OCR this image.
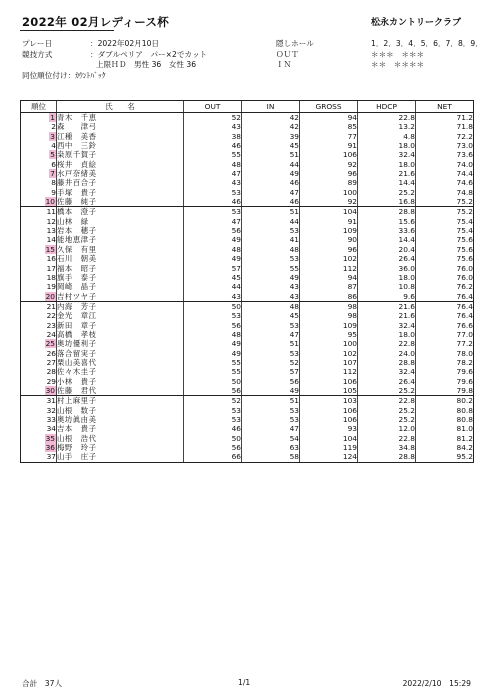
2022年 02月レディース杯	松永カントリークラブ
プレー日	：2022年02月10日
競技方式	：ダブルペリア　パー×2でカット
上限ＨＤ　男性 36　女性 36
同位順位付け ：ｶｳﾝﾄﾊﾞｯｸ
隠しホール	1．2．3．4．5．6．7．8．9．
ＯＵＴ	＊＊＊　＊＊＊
ＩＮ	＊＊　＊＊＊＊
順位	氏　　名	OUT	IN	GROSS	HDCP	NET
1	青木　千恵	52	42	94	22.8	71.2
2	森　　津弓	43	42	85	13.2	71.8
3	江種　美香	38	39	77	4.8	72.2
4	西中　三鈴	46	45	91	18.0	73.0
5	桒原千賀子	55	51	106	32.4	73.6
6	桜井　貞絵	48	44	92	18.0	74.0
7	水戸奈緒美	47	49	96	21.6	74.4
8	藤井百合子	43	46	89	14.4	74.6
9	手塚　貴子	53	47	100	25.2	74.8
10	佐藤　純子	46	46	92	16.8	75.2
11	橋本　澄子	53	51	104	28.8	75.2
12	山林　緑	47	44	91	15.6	75.4
13	岩本　穂子	56	53	109	33.6	75.4
14	能地恵津子	49	41	90	14.4	75.6
15	久保　有里	48	48	96	20.4	75.6
16	石川　朝美	49	53	102	26.4	75.6
17	福本　昭子	57	55	112	36.0	76.0
18	旗手　泰子	45	49	94	18.0	76.0
19	岡崎　晶子	44	43	87	10.8	76.2
20	吉村ツヤ子	43	43	86	9.6	76.4
21	内海　芳子	50	48	98	21.6	76.4
22	金光　章江	53	45	98	21.6	76.4
23	新田　章子	56	53	109	32.4	76.6
24	高橋　孝枝	48	47	95	18.0	77.0
25	奥坊優利子	49	51	100	22.8	77.2
26	落合留実子	49	53	102	24.0	78.0
27	栗山美喜代	55	52	107	28.8	78.2
28	佐々木圭子	55	57	112	32.4	79.6
29	小林　貴子	50	56	106	26.4	79.6
30	佐藤　君代	56	49	105	25.2	79.8
31	村上麻里子	52	51	103	22.8	80.2
32	山根　数子	53	53	106	25.2	80.8
33	奥坊眞由美	53	53	106	25.2	80.8
34	吉本　貴子	46	47	93	12.0	81.0
35	山根　浩代	50	54	104	22.8	81.2
36	梅野　玲子	56	63	119	34.8	84.2
37	山手　庄子	66	58	124	28.8	95.2
合計　37人	1/1	2022/2/10　15:29
